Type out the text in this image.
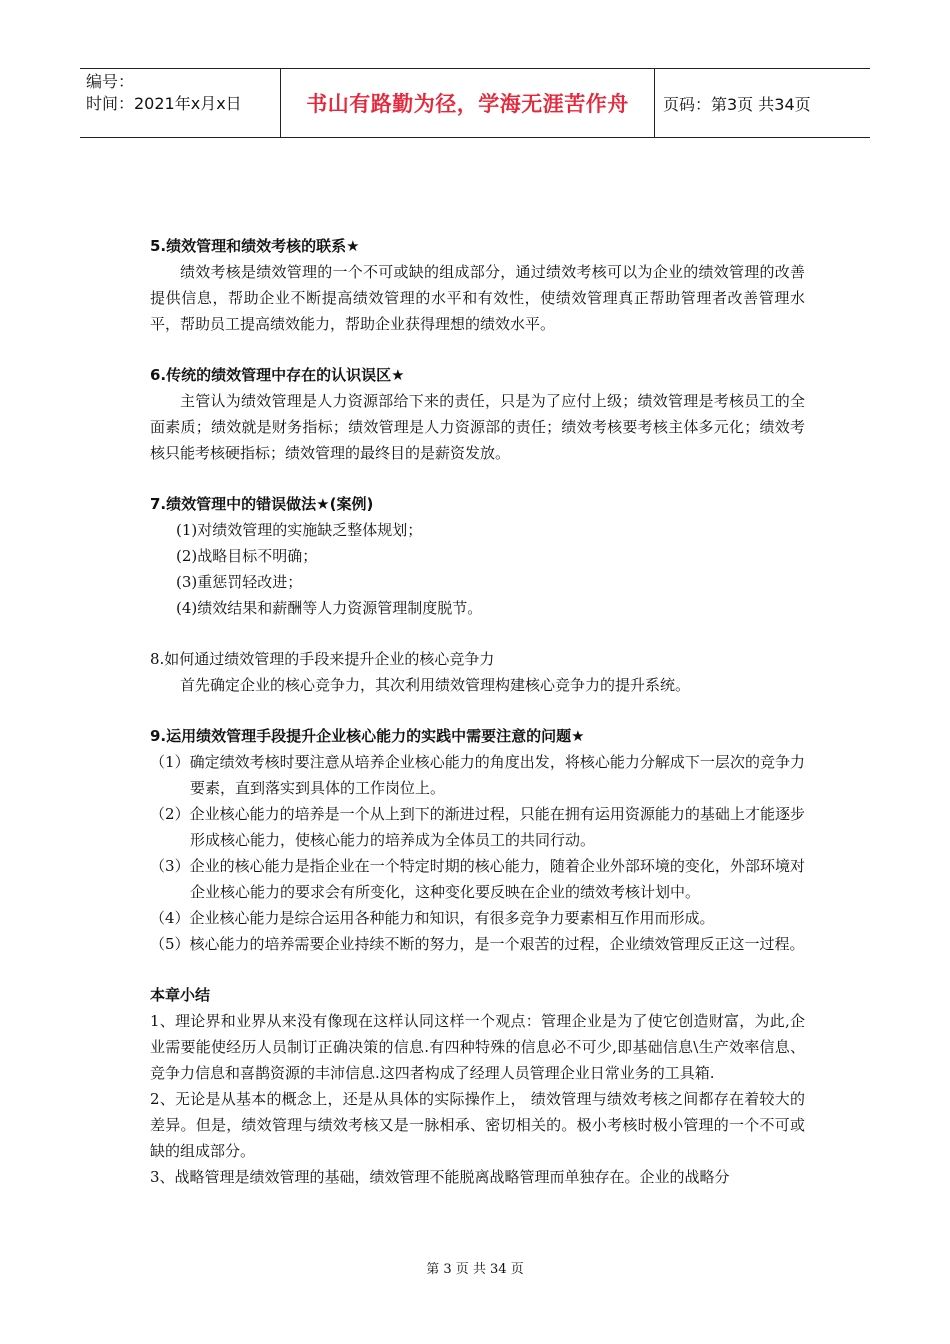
编号：
时间：2021年x月x日	书山有路勤为径，学海无涯苦作舟	页码：第3页 共34页
5.绩效管理和绩效考核的联系★
绩效考核是绩效管理的一个不可或缺的组成部分，通过绩效考核可以为企业的绩效管理的改善提供信息，帮助企业不断提高绩效管理的水平和有效性，使绩效管理真正帮助管理者改善管理水平，帮助员工提高绩效能力，帮助企业获得理想的绩效水平。
6.传统的绩效管理中存在的认识误区★
主管认为绩效管理是人力资源部给下来的责任，只是为了应付上级；绩效管理是考核员工的全面素质；绩效就是财务指标；绩效管理是人力资源部的责任；绩效考核要考核主体多元化；绩效考核只能考核硬指标；绩效管理的最终目的是薪资发放。
7.绩效管理中的错误做法★(案例)
(1)对绩效管理的实施缺乏整体规划；
(2)战略目标不明确；
(3)重惩罚轻改进；
(4)绩效结果和薪酬等人力资源管理制度脱节。
8.如何通过绩效管理的手段来提升企业的核心竞争力
首先确定企业的核心竞争力，其次利用绩效管理构建核心竞争力的提升系统。
9.运用绩效管理手段提升企业核心能力的实践中需要注意的问题★
（1）确定绩效考核时要注意从培养企业核心能力的角度出发，将核心能力分解成下一层次的竞争力要素，直到落实到具体的工作岗位上。
（2）企业核心能力的培养是一个从上到下的渐进过程，只能在拥有运用资源能力的基础上才能逐步形成核心能力，使核心能力的培养成为全体员工的共同行动。
（3）企业的核心能力是指企业在一个特定时期的核心能力，随着企业外部环境的变化，外部环境对企业核心能力的要求会有所变化，这种变化要反映在企业的绩效考核计划中。
（4）企业核心能力是综合运用各种能力和知识，有很多竞争力要素相互作用而形成。
（5）核心能力的培养需要企业持续不断的努力，是一个艰苦的过程，企业绩效管理反正这一过程。
本章小结
1、理论界和业界从来没有像现在这样认同这样一个观点：管理企业是为了使它创造财富，为此,企业需要能使经历人员制订正确决策的信息.有四种特殊的信息必不可少,即基础信息\生产效率信息、竞争力信息和喜鹊资源的丰沛信息.这四者构成了经理人员管理企业日常业务的工具箱.
2、无论是从基本的概念上，还是从具体的实际操作上， 绩效管理与绩效考核之间都存在着较大的差异。但是，绩效管理与绩效考核又是一脉相承、密切相关的。极小考核时极小管理的一个不可或缺的组成部分。
3、战略管理是绩效管理的基础，绩效管理不能脱离战略管理而单独存在。企业的战略分
第 3 页 共 34 页
